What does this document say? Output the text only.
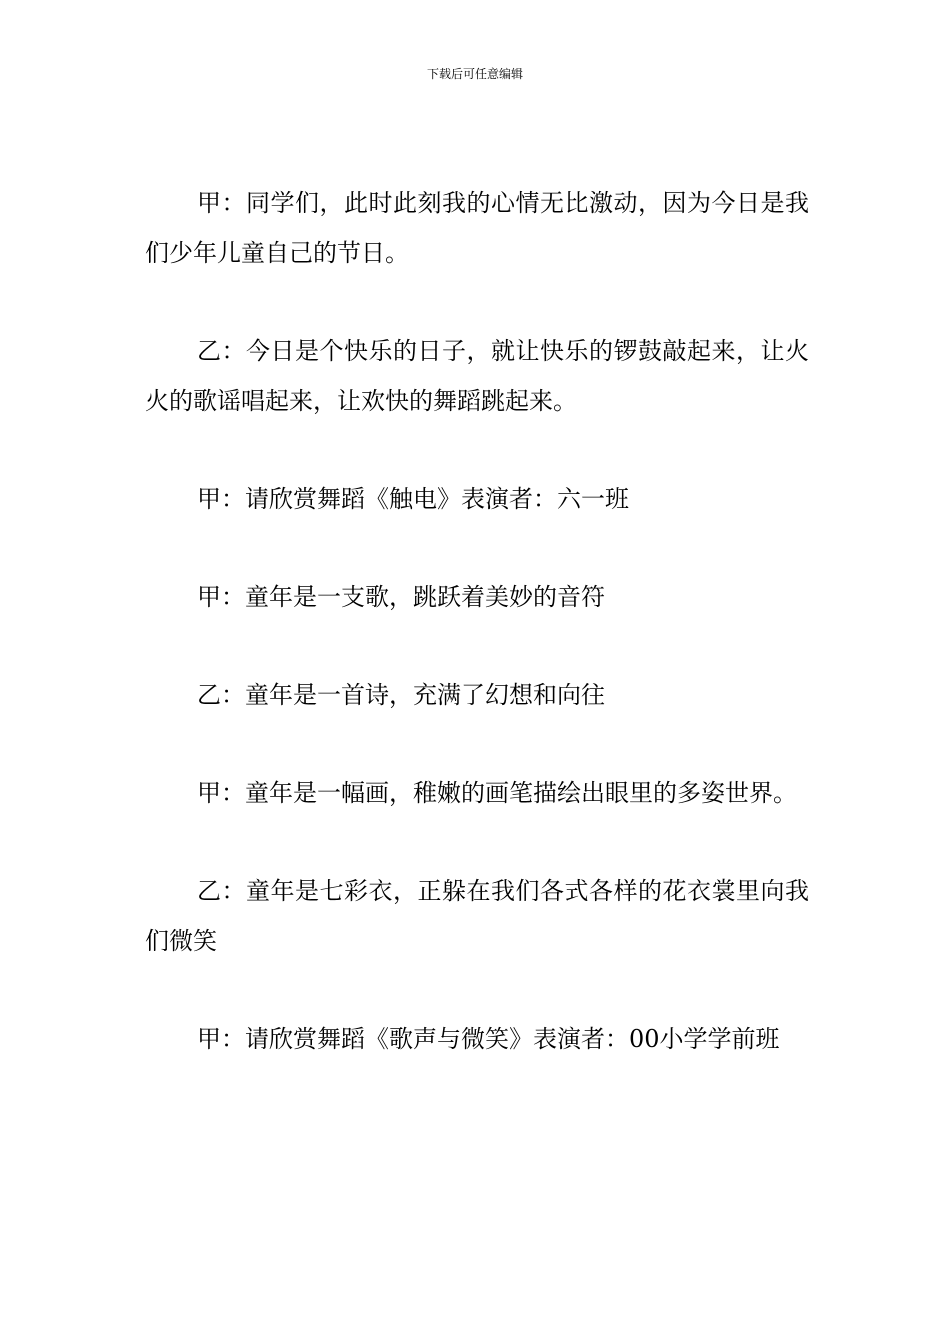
下载后可任意编辑

甲：同学们，此时此刻我的心情无比激动，因为今日是我们少年儿童自己的节日。

乙：今日是个快乐的日子，就让快乐的锣鼓敲起来，让火火的歌谣唱起来，让欢快的舞蹈跳起来。

甲：请欣赏舞蹈《触电》表演者：六一班

甲：童年是一支歌，跳跃着美妙的音符

乙：童年是一首诗，充满了幻想和向往

甲：童年是一幅画，稚嫩的画笔描绘出眼里的多姿世界。

乙：童年是七彩衣，正躲在我们各式各样的花衣裳里向我们微笑

甲：请欣赏舞蹈《歌声与微笑》表演者：00小学学前班
